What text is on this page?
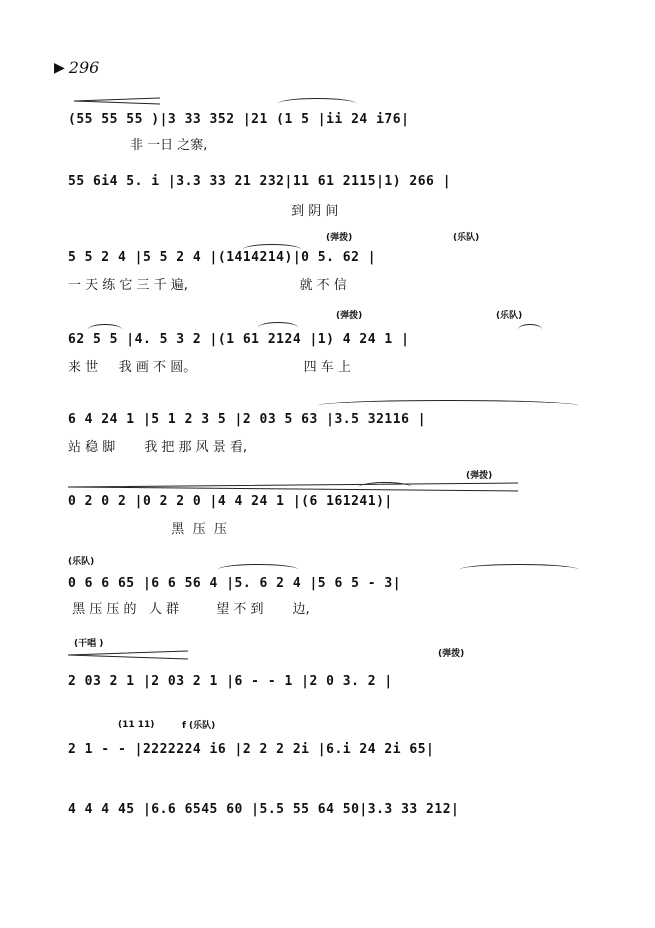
▶ 296
(55 55 55 )|3 33 352 |21 (1 5 |ii 24 i76|
非 一日 之寨,
55 6i4 5. i |3.3 33 21 232|11 61 2115|1) 266 |
到 阴 间
(弹拨)	(乐队)
5 5 2 4 |5 5 2 4 |(1414214)|0 5. 62 |
一 天 练 它 三 千 遍,                           就 不 信
(弹拨)	(乐队)
62 5 5 |4. 5 3 2 |(1 61 2124 |1) 4 24 1 |
来 世     我 画 不 圆。                          四 车 上
6 4 24 1 |5 1 2 3 5 |2 03 5 63 |3.5 32116 |
站 稳 脚       我 把 那 风 景 看,
(弹拨)
0 2 0 2 |0 2 2 0 |4 4 24 1 |(6 161241)|
黑  压  压
(乐队)
0 6 6 65 |6 6 56 4 |5. 6 2 4 |5 6 5 - 3|
黑 压 压 的   人 群         望 不 到       边,
(干唱 )
(弹拨)
2 03 2 1 |2 03 2 1 |6 - - 1 |2 0 3. 2 |
(11 11)	f (乐队)
2 1 - - |2222224 i6 |2 2 2 2i |6.i 24 2i 65|
4 4 4 45 |6.6 6545 60 |5.5 55 64 50|3.3 33 212|
